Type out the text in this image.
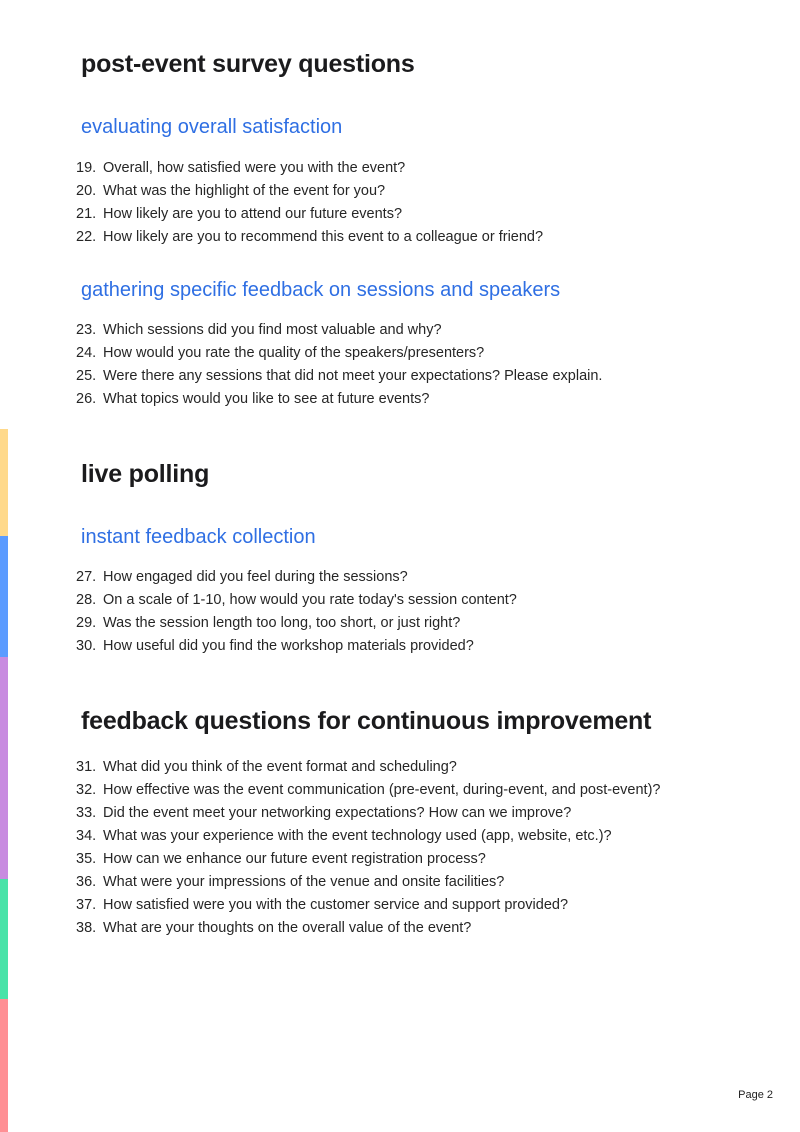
post-event survey questions
evaluating overall satisfaction
19. Overall, how satisfied were you with the event?
20. What was the highlight of the event for you?
21. How likely are you to attend our future events?
22. How likely are you to recommend this event to a colleague or friend?
gathering specific feedback on sessions and speakers
23. Which sessions did you find most valuable and why?
24. How would you rate the quality of the speakers/presenters?
25. Were there any sessions that did not meet your expectations? Please explain.
26. What topics would you like to see at future events?
live polling
instant feedback collection
27. How engaged did you feel during the sessions?
28. On a scale of 1-10, how would you rate today's session content?
29. Was the session length too long, too short, or just right?
30. How useful did you find the workshop materials provided?
feedback questions for continuous improvement
31. What did you think of the event format and scheduling?
32. How effective was the event communication (pre-event, during-event, and post-event)?
33. Did the event meet your networking expectations? How can we improve?
34. What was your experience with the event technology used (app, website, etc.)?
35. How can we enhance our future event registration process?
36. What were your impressions of the venue and onsite facilities?
37. How satisfied were you with the customer service and support provided?
38. What are your thoughts on the overall value of the event?
Page 2
